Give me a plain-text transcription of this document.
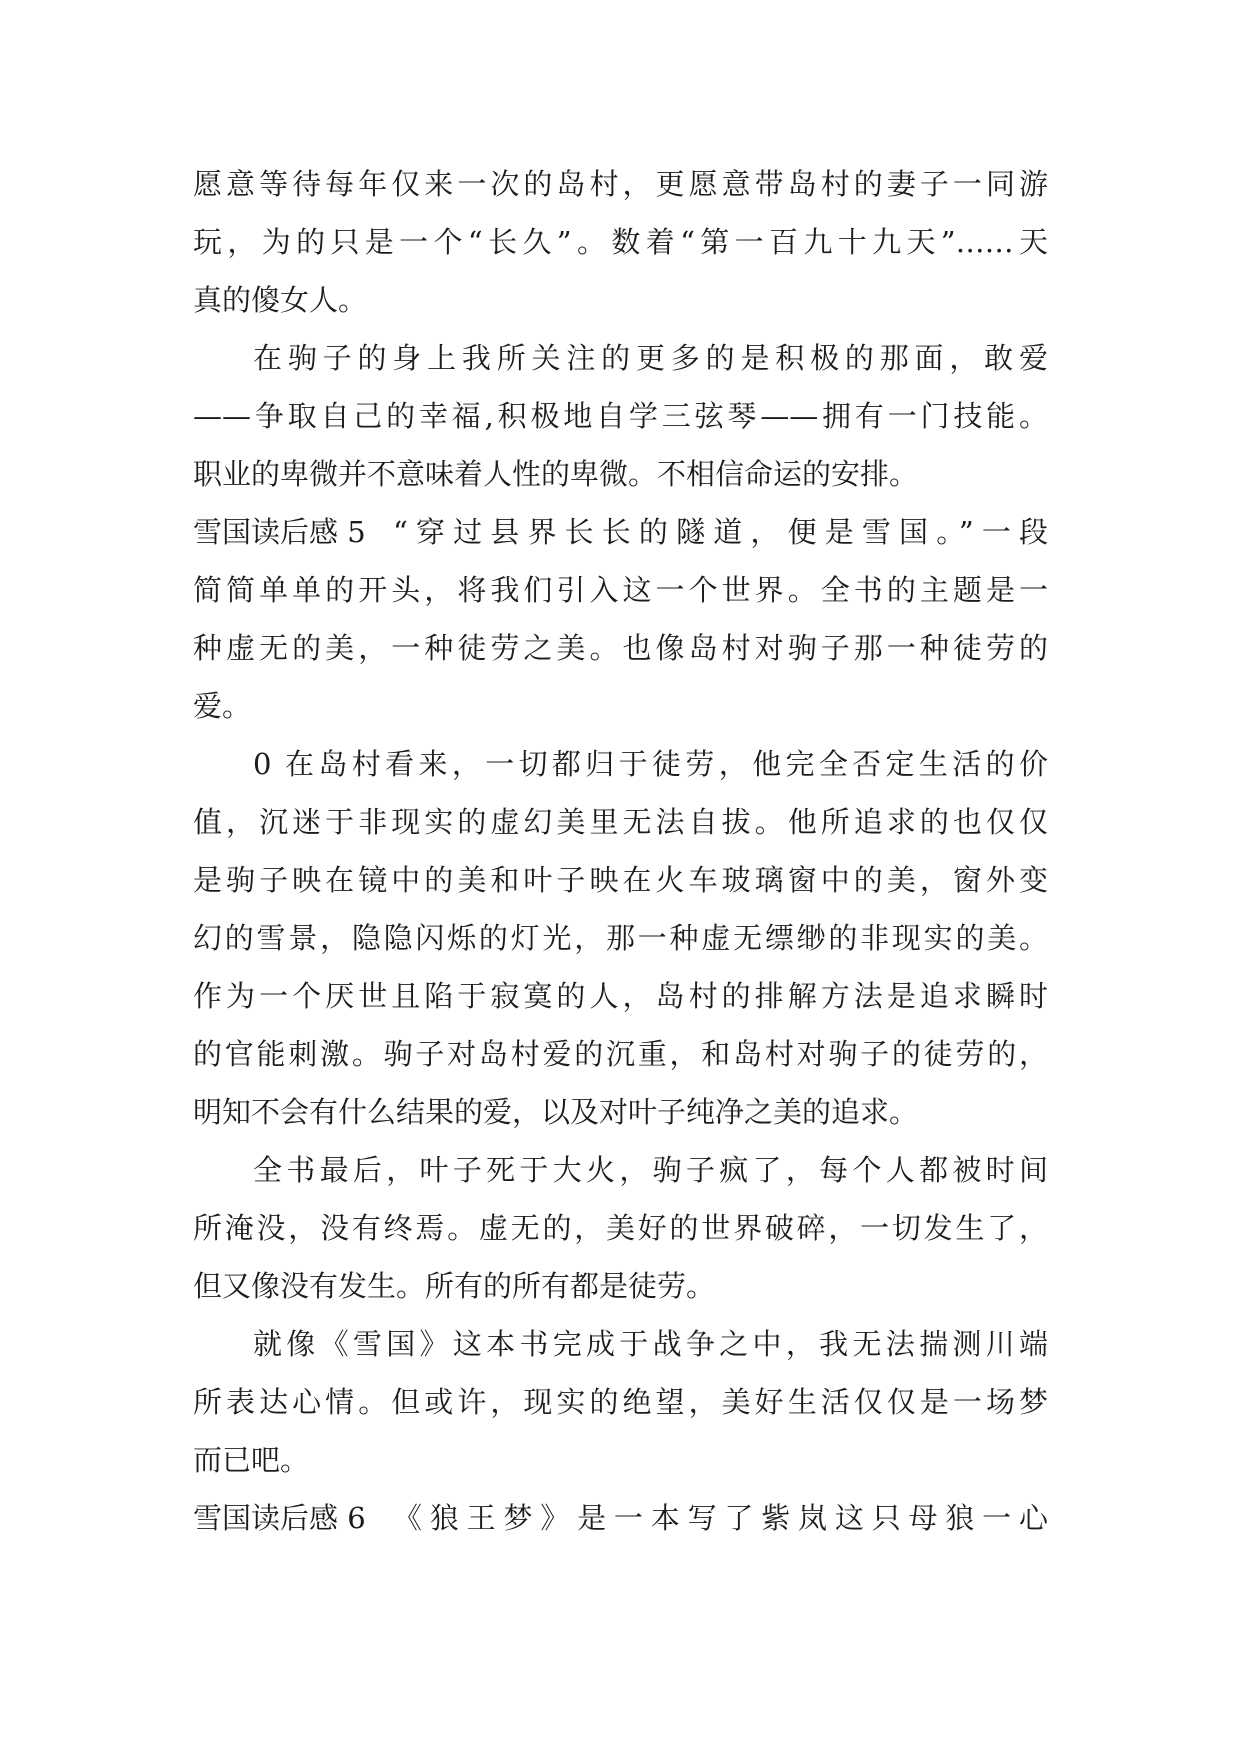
愿意等待每年仅来一次的岛村，更愿意带岛村的妻子一同游
玩，为的只是一个“长久”。数着“第一百九十九天”……天
真的傻女人。
在驹子的身上我所关注的更多的是积极的那面，敢爱
——争取自己的幸福,积极地自学三弦琴——拥有一门技能。
职业的卑微并不意味着人性的卑微。不相信命运的安排。
雪国读后感 5 “穿过县界长长的隧道，便是雪国。”一段
简简单单的开头，将我们引入这一个世界。全书的主题是一
种虚无的美，一种徒劳之美。也像岛村对驹子那一种徒劳的
爱。
0 在岛村看来，一切都归于徒劳，他完全否定生活的价
值，沉迷于非现实的虚幻美里无法自拔。他所追求的也仅仅
是驹子映在镜中的美和叶子映在火车玻璃窗中的美，窗外变
幻的雪景，隐隐闪烁的灯光，那一种虚无缥缈的非现实的美。
作为一个厌世且陷于寂寞的人，岛村的排解方法是追求瞬时
的官能刺激。驹子对岛村爱的沉重，和岛村对驹子的徒劳的，
明知不会有什么结果的爱，以及对叶子纯净之美的追求。
全书最后，叶子死于大火，驹子疯了，每个人都被时间
所淹没，没有终焉。虚无的，美好的世界破碎，一切发生了，
但又像没有发生。所有的所有都是徒劳。
就像《雪国》这本书完成于战争之中，我无法揣测川端
所表达心情。但或许，现实的绝望，美好生活仅仅是一场梦
而已吧。
雪国读后感 6 《狼王梦》是一本写了紫岚这只母狼一心
